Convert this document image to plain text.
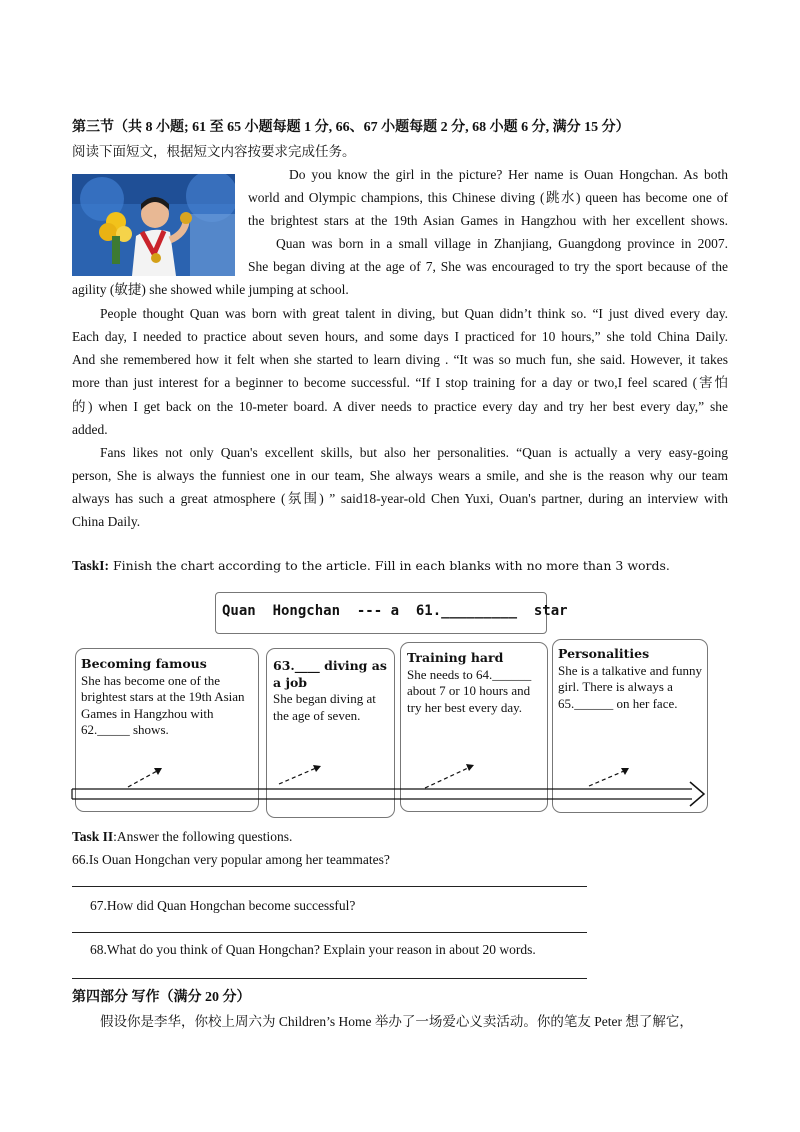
第三节（共 8 小题; 61 至 65 小题每题 1 分, 66、67 小题每题 2 分, 68 小题 6 分, 满分 15 分）
阅读下面短文，根据短文内容按要求完成任务。
Do you know the girl in the picture? Her name is Ouan Hongchan. As both
world and Olympic champions, this Chinese diving (跳水) queen has become one of
the brightest stars at the 19th Asian Games in Hangzhou with her excellent shows.
Quan was born in a small village in Zhanjiang, Guangdong province in 2007.
She began diving at the age of 7, She was encouraged to try the sport because of the
agility (敏捷) she showed while jumping at school.
People thought Quan was born with great talent in diving, but Quan didn’t think so. “I just dived every day.
Each day, I needed to practice about seven hours, and some days I practiced for 10 hours,” she told China Daily.
And she remembered how it felt when she started to learn diving . “It was so much fun, she said. However, it takes
more than just interest for a beginner to become successful. “If I stop training for a day or two,I feel scared (害怕
的) when I get back on the 10-meter board. A diver needs to practice every day and try her best every day,” she
added.
Fans likes not only Quan's excellent skills, but also her personalities. “Quan is actually a very easy-going
person, She is always the funniest one in our team, She always wears a smile, and she is the reason why our team
always has such a great atmosphere (氛围) ” said18-year-old Chen Yuxi, Ouan's partner, during an interview with
China Daily.
TaskI: Finish the chart according to the article. Fill in each blanks with no more than 3 words.
Quan  Hongchan  --- a  61._________  star
Becoming famous
She has become one of the brightest stars at the 19th Asian Games in Hangzhou with 62._____ shows.
63.____ diving as a job
She began diving at the age of seven.
Training hard
She needs to 64.______ about 7 or 10 hours and try her best every day.
Personalities
She is a talkative and funny girl. There is always a 65.______ on her face.
Task II:Answer the following questions.
66.Is Ouan Hongchan very popular among her teammates?
67.How did Quan Hongchan become successful?
68.What do you think of Quan Hongchan? Explain your reason in about 20 words.
第四部分 写作（满分 20 分）
假设你是李华，你校上周六为 Children’s Home 举办了一场爱心义卖活动。你的笔友 Peter 想了解它，
